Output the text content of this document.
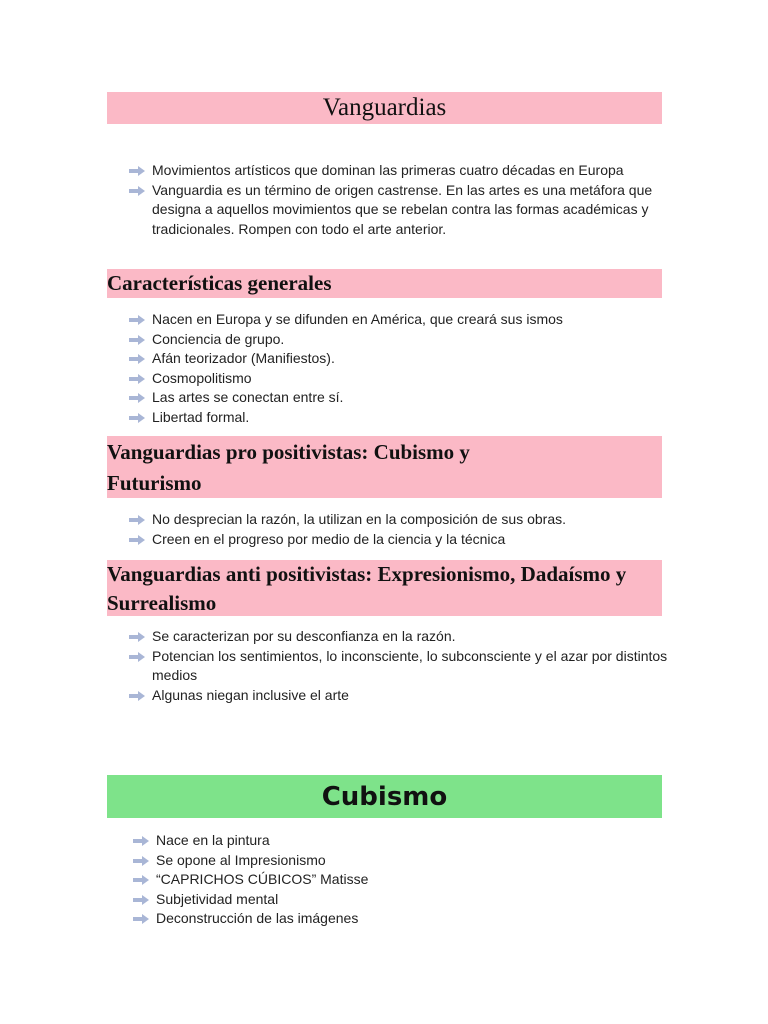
Vanguardias
Movimientos artísticos que dominan las primeras cuatro décadas en Europa
Vanguardia es un término de origen castrense. En las artes es una metáfora que designa a aquellos movimientos que se rebelan contra las formas académicas y tradicionales. Rompen con todo el arte anterior.
Características generales
Nacen en Europa y se difunden en América, que creará sus ismos
Conciencia de grupo.
Afán teorizador (Manifiestos).
Cosmopolitismo
Las artes se conectan entre sí.
Libertad formal.
Vanguardias pro positivistas: Cubismo y Futurismo
No desprecian la razón, la utilizan en la composición de sus obras.
Creen en el progreso por medio de la ciencia y la técnica
Vanguardias anti positivistas: Expresionismo, Dadaísmo y Surrealismo
Se caracterizan por su desconfianza en la razón.
Potencian los sentimientos, lo inconsciente, lo subconsciente y el azar por distintos medios
Algunas niegan inclusive el arte
Cubismo
Nace en la pintura
Se opone al Impresionismo
“CAPRICHOS CÚBICOS” Matisse
Subjetividad mental
Deconstrucción de las imágenes
